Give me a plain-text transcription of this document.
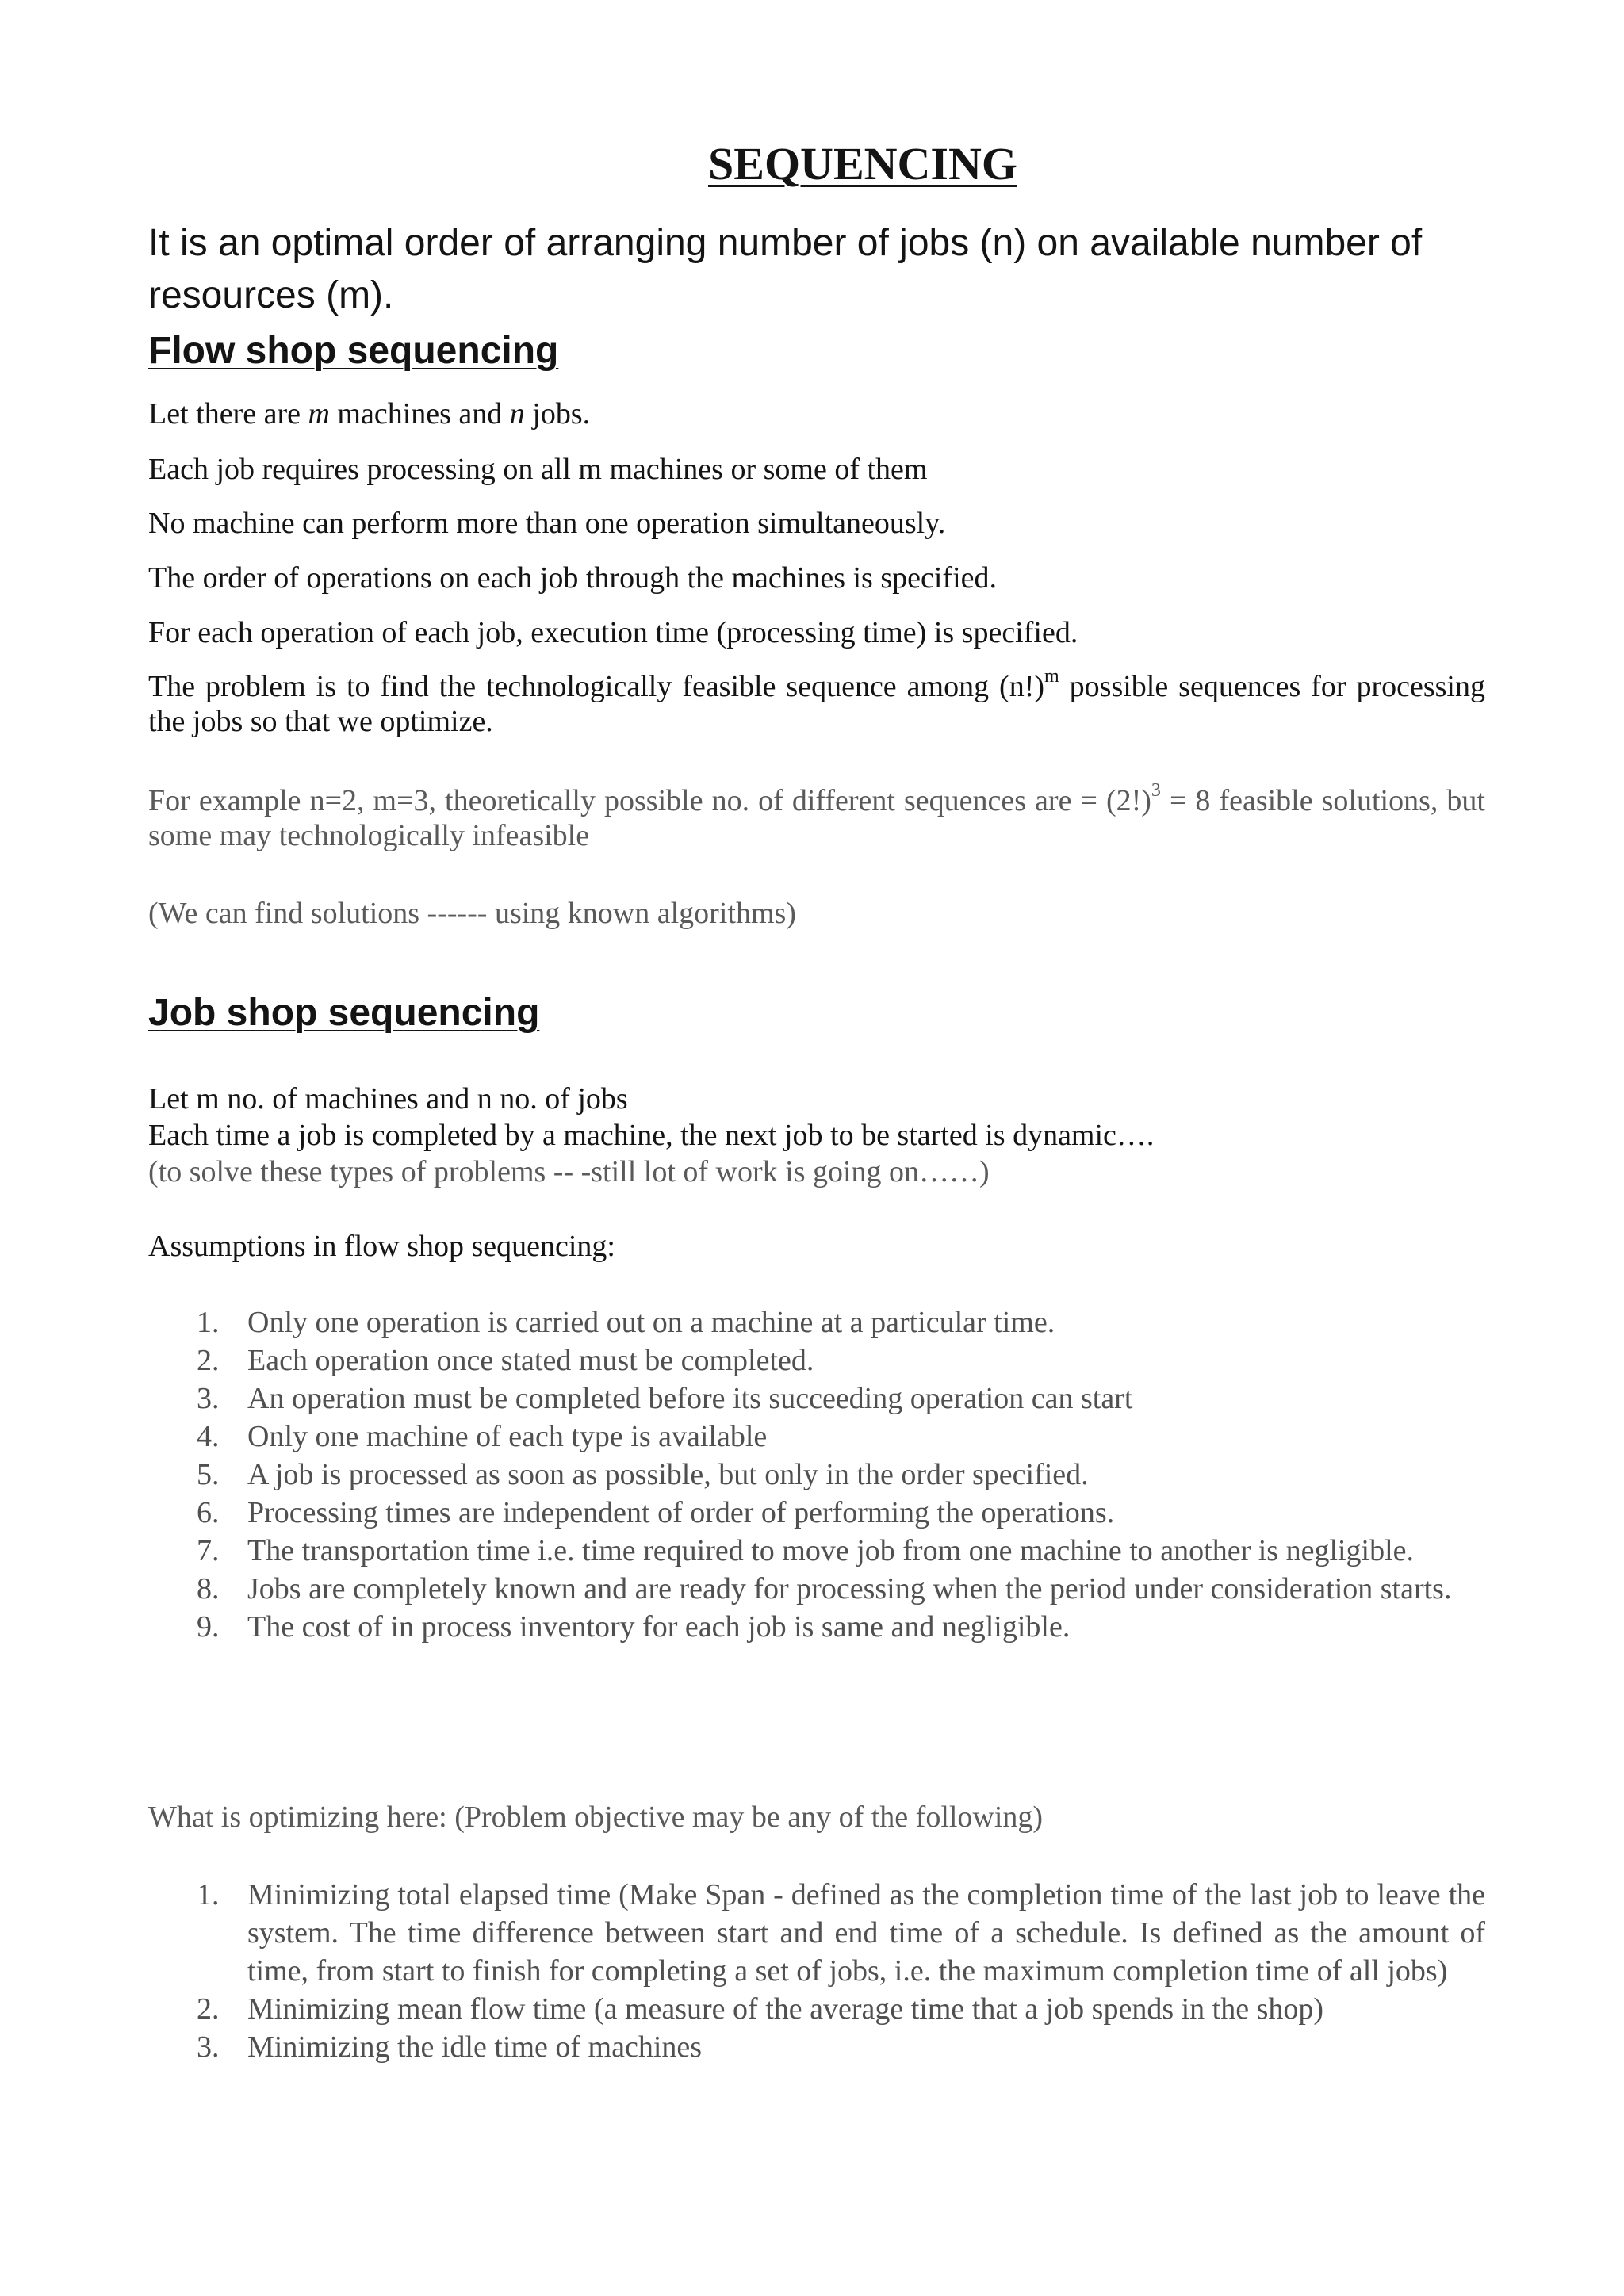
SEQUENCING

It is an optimal order of arranging number of jobs (n) on available number of resources (m).

Flow shop sequencing

Let there are m machines and n jobs.

Each job requires processing on all m machines or some of them

No machine can perform more than one operation simultaneously.

The order of operations on each job through the machines is specified.

For each operation of each job, execution time (processing time) is specified.

The problem is to find the technologically feasible sequence among $(n!)^m$ possible sequences for processing the jobs so that we optimize.

For example n=2, m=3, theoretically possible no. of different sequences are = $(2!)^3 = 8$ feasible solutions, but some may technologically infeasible

(We can find solutions ------ using known algorithms)

Job shop sequencing

Let m no. of machines and n no. of jobs

Each time a job is completed by a machine, the next job to be started is dynamic….

(to solve these types of problems -- -still lot of work is going on……)

Assumptions in flow shop sequencing:

1. Only one operation is carried out on a machine at a particular time.
2. Each operation once stated must be completed.
3. An operation must be completed before its succeeding operation can start
4. Only one machine of each type is available
5. A job is processed as soon as possible, but only in the order specified.
6. Processing times are independent of order of performing the operations.
7. The transportation time i.e. time required to move job from one machine to another is negligible.
8. Jobs are completely known and are ready for processing when the period under consideration starts.
9. The cost of in process inventory for each job is same and negligible.

What is optimizing here: (Problem objective may be any of the following)

1. Minimizing total elapsed time (Make Span - defined as the completion time of the last job to leave the system. The time difference between start and end time of a schedule. Is defined as the amount of time, from start to finish for completing a set of jobs, i.e. the maximum completion time of all jobs)
2. Minimizing mean flow time (a measure of the average time that a job spends in the shop)
3. Minimizing the idle time of machines
